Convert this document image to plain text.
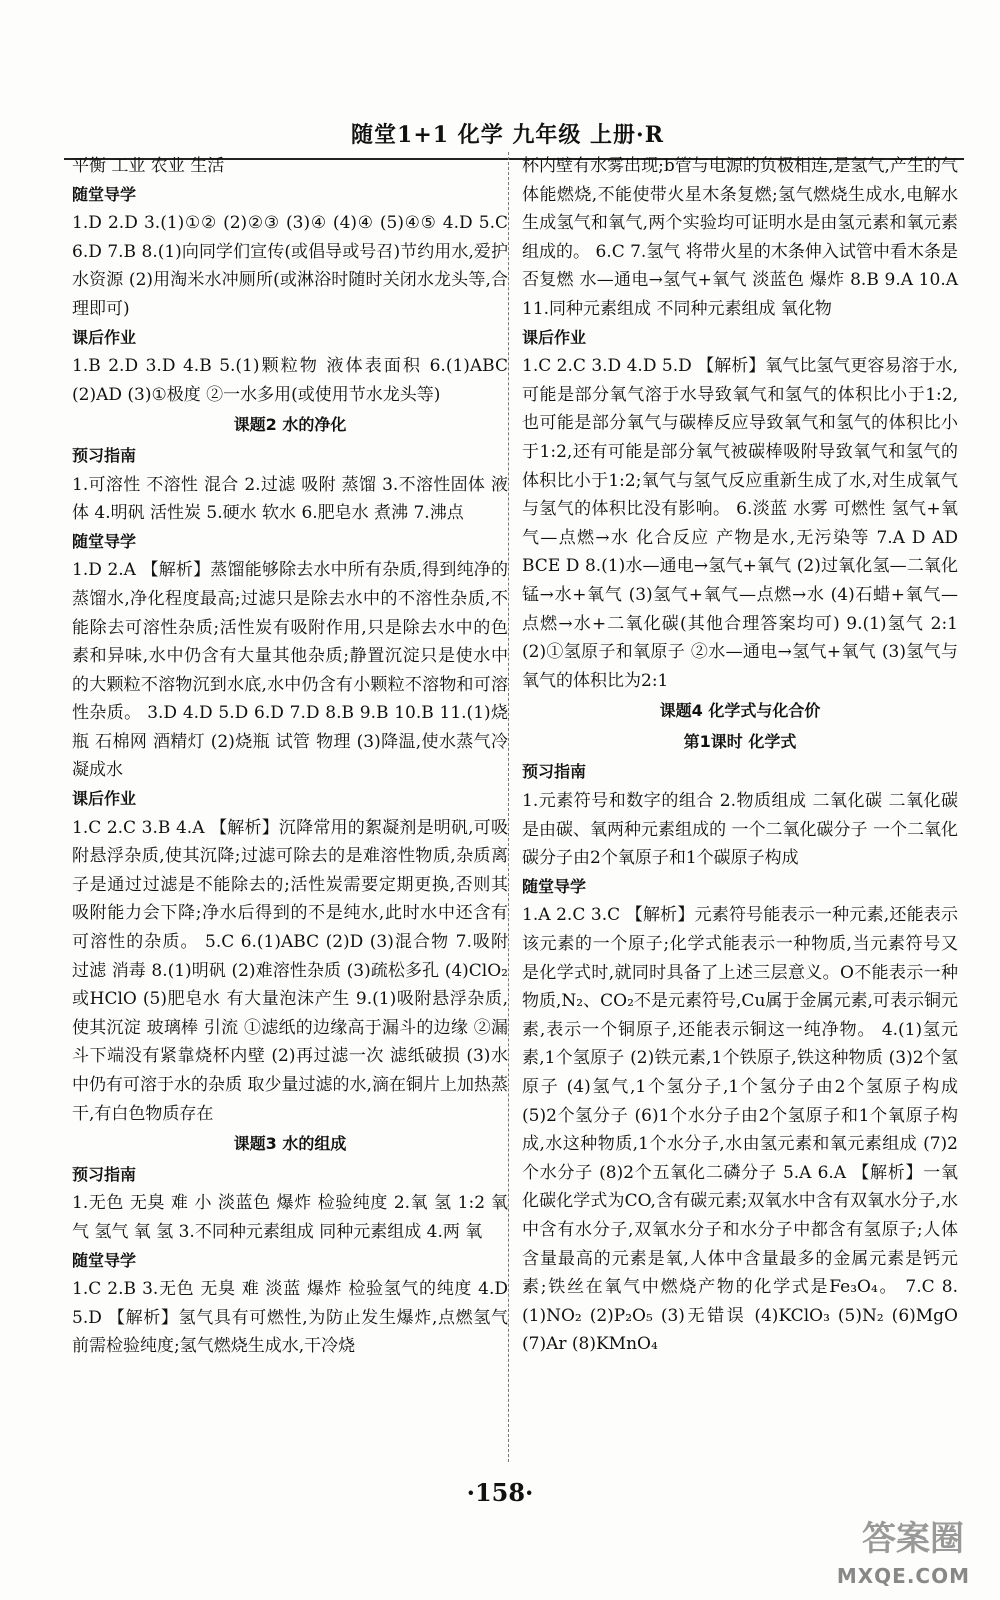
随堂1+1 化学 九年级 上册·R

平衡 工业 农业 生活

随堂导学

1.D 2.D 3.(1)①② (2)②③ (3)④ (4)④ (5)④⑤ 4.D 5.C 6.D 7.B 8.(1)向同学们宣传(或倡导或号召)节约用水,爱护水资源 (2)用淘米水冲厕所(或淋浴时随时关闭水龙头等,合理即可)

课后作业

1.B 2.D 3.D 4.B 5.(1)颗粒物 液体表面积 6.(1)ABC (2)AD (3)①极度 ②一水多用(或使用节水龙头等)

课题2 水的净化
预习指南

1.可溶性 不溶性 混合 2.过滤 吸附 蒸馏 3.不溶性固体 液体 4.明矾 活性炭 5.硬水 软水 6.肥皂水 煮沸 7.沸点

随堂导学

1.D 2.A 【解析】蒸馏能够除去水中所有杂质,得到纯净的蒸馏水,净化程度最高;过滤只是除去水中的不溶性杂质,不能除去可溶性杂质;活性炭有吸附作用,只是除去水中的色素和异味,水中仍含有大量其他杂质;静置沉淀只是使水中的大颗粒不溶物沉到水底,水中仍含有小颗粒不溶物和可溶性杂质。 3.D 4.D 5.D 6.D 7.D 8.B 9.B 10.B 11.(1)烧瓶 石棉网 酒精灯 (2)烧瓶 试管 物理 (3)降温,使水蒸气冷凝成水

课后作业

1.C 2.C 3.B 4.A 【解析】沉降常用的絮凝剂是明矾,可吸附悬浮杂质,使其沉降;过滤可除去的是难溶性物质,杂质离子是通过过滤是不能除去的;活性炭需要定期更换,否则其吸附能力会下降;净水后得到的不是纯水,此时水中还含有可溶性的杂质。 5.C 6.(1)ABC (2)D (3)混合物 7.吸附 过滤 消毒 8.(1)明矾 (2)难溶性杂质 (3)疏松多孔 (4)ClO₂或HClO (5)肥皂水 有大量泡沫产生 9.(1)吸附悬浮杂质,使其沉淀 玻璃棒 引流 ①滤纸的边缘高于漏斗的边缘 ②漏斗下端没有紧靠烧杯内壁 (2)再过滤一次 滤纸破损 (3)水中仍有可溶于水的杂质 取少量过滤的水,滴在铜片上加热蒸干,有白色物质存在

课题3 水的组成
预习指南

1.无色 无臭 难 小 淡蓝色 爆炸 检验纯度 2.氧 氢 1:2 氧气 氢气 氧 氢 3.不同种元素组成 同种元素组成 4.两 氧

随堂导学

1.C 2.B 3.无色 无臭 难 淡蓝 爆炸 检验氢气的纯度 4.D 5.D 【解析】氢气具有可燃性,为防止发生爆炸,点燃氢气前需检验纯度;氢气燃烧生成水,干冷烧

杯内壁有水雾出现;b管与电源的负极相连,是氢气,产生的气体能燃烧,不能使带火星木条复燃;氢气燃烧生成水,电解水生成氢气和氧气,两个实验均可证明水是由氢元素和氧元素组成的。 6.C 7.氢气 将带火星的木条伸入试管中看木条是否复燃 水—通电→氢气+氧气 淡蓝色 爆炸 8.B 9.A 10.A 11.同种元素组成 不同种元素组成 氧化物

课后作业

1.C 2.C 3.D 4.D 5.D 【解析】氧气比氢气更容易溶于水,可能是部分氧气溶于水导致氧气和氢气的体积比小于1:2,也可能是部分氧气与碳棒反应导致氧气和氢气的体积比小于1:2,还有可能是部分氧气被碳棒吸附导致氧气和氢气的体积比小于1:2;氧气与氢气反应重新生成了水,对生成氧气与氢气的体积比没有影响。 6.淡蓝 水雾 可燃性 氢气+氧气—点燃→水 化合反应 产物是水,无污染等 7.A D AD BCE D 8.(1)水—通电→氢气+氧气 (2)过氧化氢—二氧化锰→水+氧气 (3)氢气+氧气—点燃→水 (4)石蜡+氧气—点燃→水+二氧化碳(其他合理答案均可) 9.(1)氢气 2:1 (2)①氢原子和氧原子 ②水—通电→氢气+氧气 (3)氢气与氧气的体积比为2:1

课题4 化学式与化合价
第1课时 化学式
预习指南

1.元素符号和数字的组合 2.物质组成 二氧化碳 二氧化碳是由碳、氧两种元素组成的 一个二氧化碳分子 一个二氧化碳分子由2个氧原子和1个碳原子构成

随堂导学

1.A 2.C 3.C 【解析】元素符号能表示一种元素,还能表示该元素的一个原子;化学式能表示一种物质,当元素符号又是化学式时,就同时具备了上述三层意义。O不能表示一种物质,N₂、CO₂不是元素符号,Cu属于金属元素,可表示铜元素,表示一个铜原子,还能表示铜这一纯净物。 4.(1)氢元素,1个氢原子 (2)铁元素,1个铁原子,铁这种物质 (3)2个氢原子 (4)氢气,1个氢分子,1个氢分子由2个氢原子构成 (5)2个氢分子 (6)1个水分子由2个氢原子和1个氧原子构成,水这种物质,1个水分子,水由氢元素和氧元素组成 (7)2个水分子 (8)2个五氧化二磷分子 5.A 6.A 【解析】一氧化碳化学式为CO,含有碳元素;双氧水中含有双氧水分子,水中含有水分子,双氧水分子和水分子中都含有氢原子;人体含量最高的元素是氧,人体中含量最多的金属元素是钙元素;铁丝在氧气中燃烧产物的化学式是Fe₃O₄。 7.C 8.(1)NO₂ (2)P₂O₅ (3)无错误 (4)KClO₃ (5)N₂ (6)MgO (7)Ar (8)KMnO₄

·158·
答案圈
MXQE.COM
